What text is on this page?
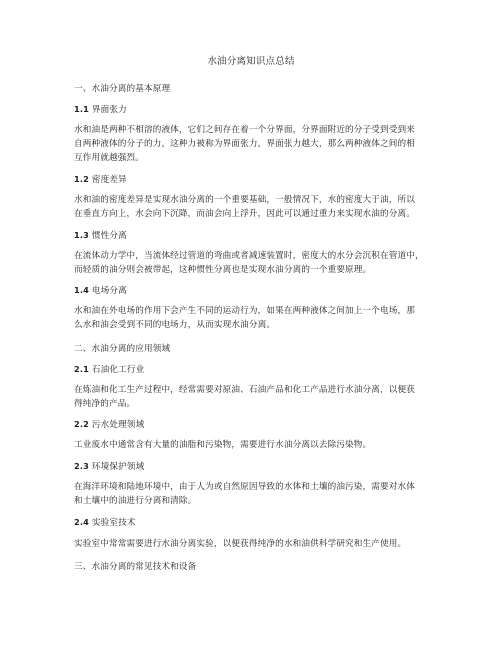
水油分离知识点总结
一、水油分离的基本原理
1.1 界面张力
水和油是两种不相溶的液体，它们之间存在着一个分界面，分界面附近的分子受到受到来
自两种液体的分子的力，这种力被称为界面张力，界面张力越大，那么两种液体之间的相
互作用就越强烈。
1.2 密度差异
水和油的密度差异是实现水油分离的一个重要基础，一般情况下，水的密度大于油，所以
在垂直方向上，水会向下沉降，而油会向上浮升，因此可以通过重力来实现水油的分离。
1.3 惯性分离
在流体动力学中，当流体经过管道的弯曲或者减速装置时，密度大的水分会沉积在管道中，
而轻质的油分则会被带起，这种惯性分离也是实现水油分离的一个重要原理。
1.4 电场分离
水和油在外电场的作用下会产生不同的运动行为，如果在两种液体之间加上一个电场，那
么水和油会受到不同的电场力，从而实现水油分离。
二、水油分离的应用领域
2.1 石油化工行业
在炼油和化工生产过程中，经常需要对原油、石油产品和化工产品进行水油分离，以便获
得纯净的产品。
2.2 污水处理领域
工业废水中通常含有大量的油脂和污染物，需要进行水油分离以去除污染物。
2.3 环境保护领域
在海洋环境和陆地环境中，由于人为或自然原因导致的水体和土壤的油污染，需要对水体
和土壤中的油进行分离和清除。
2.4 实验室技术
实验室中常常需要进行水油分离实验，以便获得纯净的水和油供科学研究和生产使用。
三、水油分离的常见技术和设备
